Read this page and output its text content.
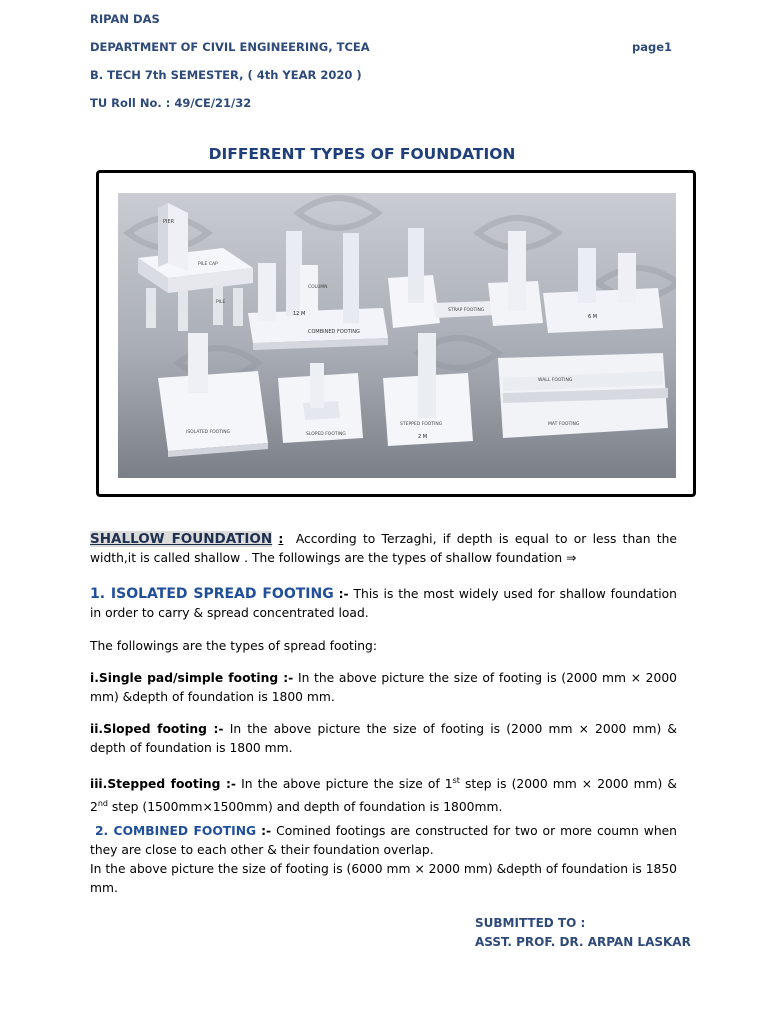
RIPAN DAS
DEPARTMENT OF CIVIL ENGINEERING, TCEA	page1
B. TECH 7th SEMESTER, ( 4th YEAR 2020 )
TU Roll No. : 49/CE/21/32
DIFFERENT TYPES OF FOUNDATION
PIER
PILE CAP
PILE
COLUMN
COMBINED FOOTING
12 M
STRAP FOOTING
6 M
ISOLATED FOOTING	SLOPED FOOTING	2 M
STEPPED FOOTING
WALL FOOTING
MAT FOOTING
SHALLOW FOUNDATION : According to Terzaghi, if depth is equal to or less than the width,it is called shallow . The followings are the types of shallow foundation ⇒
1. ISOLATED SPREAD FOOTING :- This is the most widely used for shallow foundation in order to carry & spread concentrated load.
The followings are the types of spread footing:
i.Single pad/simple footing :- In the above picture the size of footing is (2000 mm × 2000 mm) &depth of foundation is 1800 mm.
ii.Sloped footing :- In the above picture the size of footing is (2000 mm × 2000 mm) & depth of foundation is 1800 mm.
iii.Stepped footing :- In the above picture the size of 1st step is (2000 mm × 2000 mm) & 2nd step (1500mm×1500mm) and depth of foundation is 1800mm.
2. COMBINED FOOTING :- Comined footings are constructed for two or more coumn when they are close to each other & their foundation overlap.
In the above picture the size of footing is (6000 mm × 2000 mm) &depth of foundation is 1850 mm.
SUBMITTED TO :
ASST. PROF. DR. ARPAN LASKAR
